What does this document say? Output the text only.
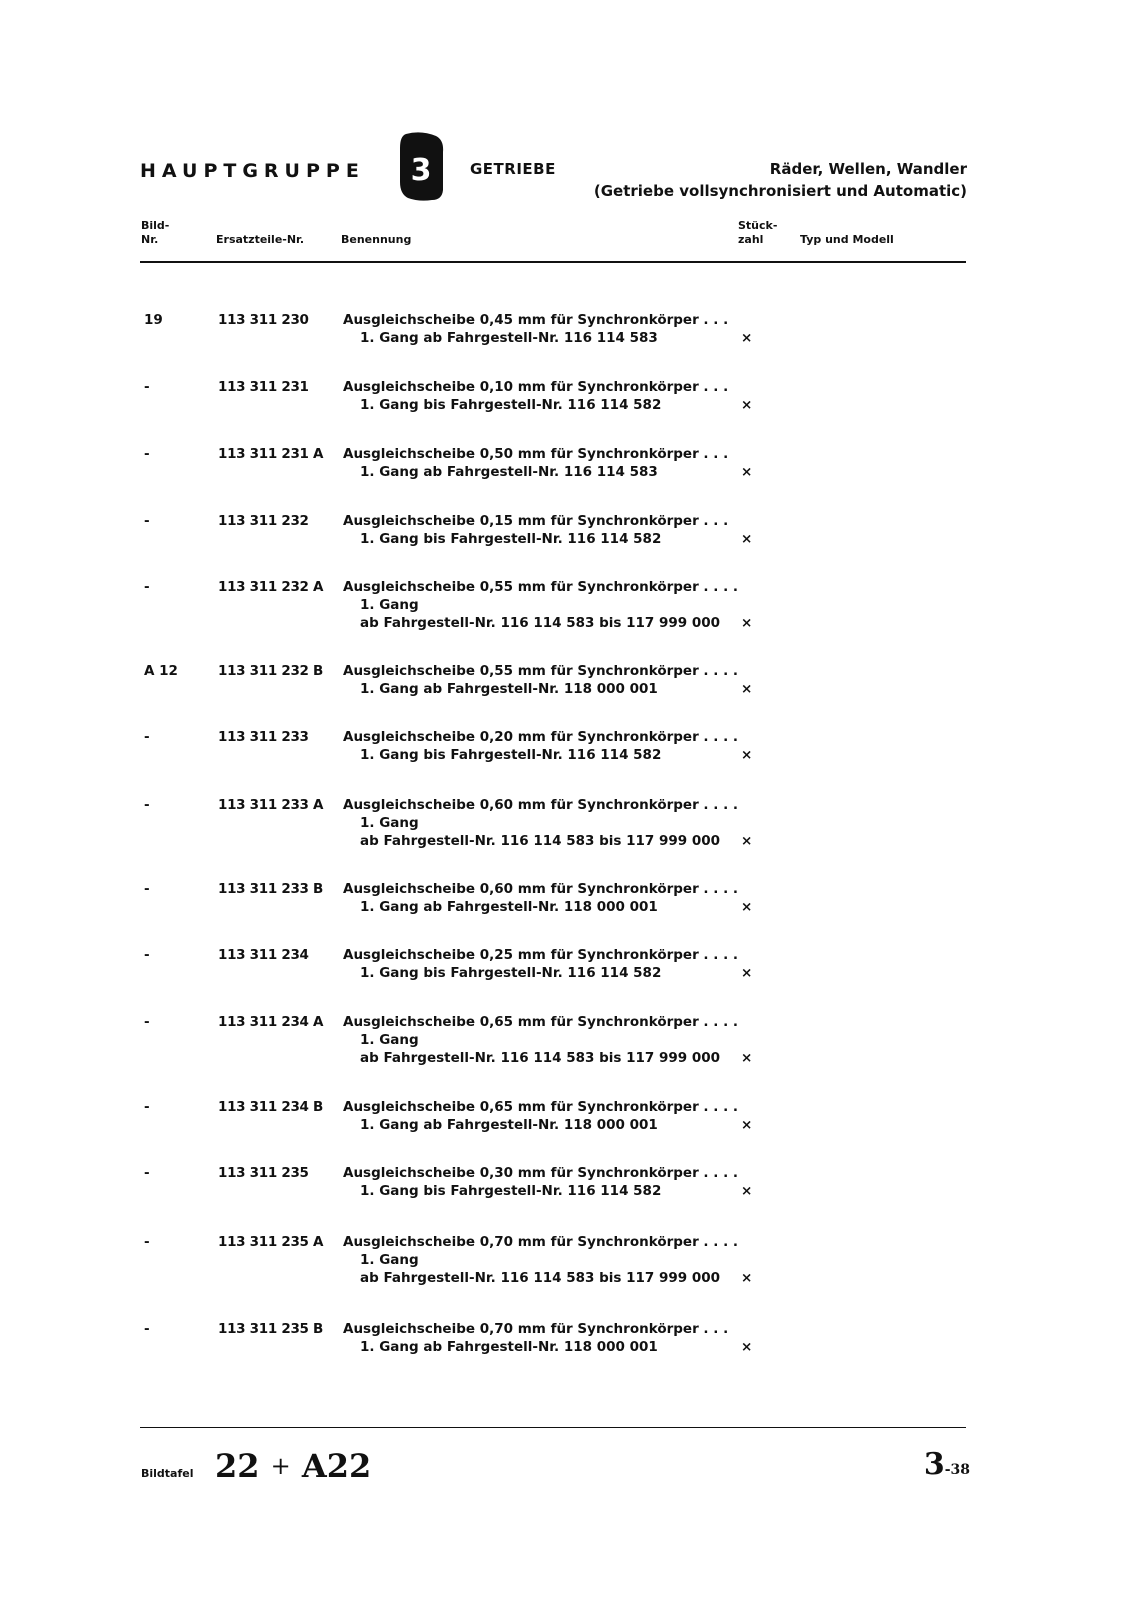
HAUPTGRUPPE 3	GETRIEBE	Räder, Wellen, Wandler
(Getriebe vollsynchronisiert und Automatic)
Bild-
Nr.	Ersatzteile-Nr.	Benennung
Stück-
zahl	Typ und Modell
19	113 311 230	Ausgleichscheibe 0,45 mm für Synchronkörper . . .
1. Gang ab Fahrgestell-Nr. 116 114 583	×
-	113 311 231	Ausgleichscheibe 0,10 mm für Synchronkörper . . .
1. Gang bis Fahrgestell-Nr. 116 114 582	×
-	113 311 231 A Ausgleichscheibe 0,50 mm für Synchronkörper . . .
1. Gang ab Fahrgestell-Nr. 116 114 583	×
-	113 311 232	Ausgleichscheibe 0,15 mm für Synchronkörper . . .
1. Gang bis Fahrgestell-Nr. 116 114 582	×
-	113 311 232 A Ausgleichscheibe 0,55 mm für Synchronkörper . . . .
1. Gang
ab Fahrgestell-Nr. 116 114 583 bis 117 999 000 ×
A 12	113 311 232 B Ausgleichscheibe 0,55 mm für Synchronkörper . . . .
1. Gang ab Fahrgestell-Nr. 118 000 001	×
-	113 311 233	Ausgleichscheibe 0,20 mm für Synchronkörper . . . .
1. Gang bis Fahrgestell-Nr. 116 114 582	×
-	113 311 233 A Ausgleichscheibe 0,60 mm für Synchronkörper . . . .
1. Gang
ab Fahrgestell-Nr. 116 114 583 bis 117 999 000 ×
-	113 311 233 B Ausgleichscheibe 0,60 mm für Synchronkörper . . . .
1. Gang ab Fahrgestell-Nr. 118 000 001	×
-	113 311 234	Ausgleichscheibe 0,25 mm für Synchronkörper . . . .
1. Gang bis Fahrgestell-Nr. 116 114 582	×
-	113 311 234 A Ausgleichscheibe 0,65 mm für Synchronkörper . . . .
1. Gang
ab Fahrgestell-Nr. 116 114 583 bis 117 999 000 ×
-	113 311 234 B Ausgleichscheibe 0,65 mm für Synchronkörper . . . .
1. Gang ab Fahrgestell-Nr. 118 000 001	×
-	113 311 235	Ausgleichscheibe 0,30 mm für Synchronkörper . . . .
1. Gang bis Fahrgestell-Nr. 116 114 582	×
-	113 311 235 A Ausgleichscheibe 0,70 mm für Synchronkörper . . . .
1. Gang
ab Fahrgestell-Nr. 116 114 583 bis 117 999 000 ×
-	113 311 235 B Ausgleichscheibe 0,70 mm für Synchronkörper . . .
1. Gang ab Fahrgestell-Nr. 118 000 001	×
Bildtafel 22 + A22	3-38
